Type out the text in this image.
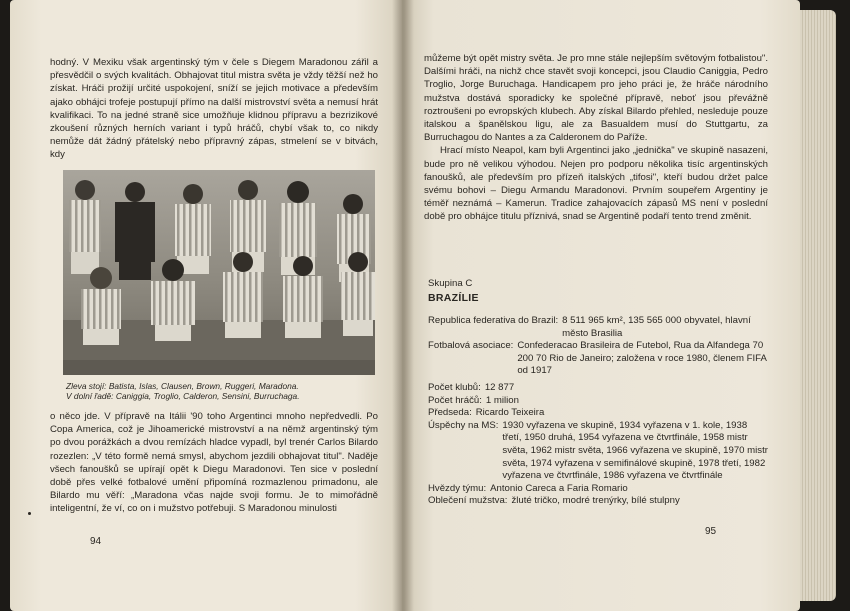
hodný. V Mexiku však argentinský tým v čele s Diegem Maradonou zářil a přesvědčil o svých kvalitách. Obhajovat titul mistra světa je vždy těžší než ho získat. Hráči prožijí určité uspokojení, sníží se jejich motivace a především ajako obhájci trofeje postupují přímo na další mistrovství světa a nemusí hrát kvalifikaci. To na jedné straně sice umožňuje klidnou přípravu a bezrizikové zkoušení různých herních variant i typů hráčů, chybí však to, co nikdy nemůže dát žádný přátelský nebo přípravný zápas, stmelení se v bitvách, kdy

Zleva stojí: Batista, Islas, Clausen, Brown, Ruggeri, Maradona.

V dolní řadě: Caniggia, Troglio, Calderon, Sensini, Burruchaga.

o něco jde. V přípravě na Itálii '90 toho Argentinci mnoho nepředvedli. Po Copa America, což je Jihoamerické mistrovství a na němž argentinský tým po dvou porážkách a dvou remízách hladce vypadl, byl trenér Carlos Bilardo rozezlen: „V této formě nemá smysl, abychom jezdili obhajovat titul". Naděje všech fanoušků se upírají opět k Diegu Maradonovi. Ten sice v poslední době přes velké fotbalové umění připomíná rozmazlenou primadonu, ale Bilardo mu věří: „Maradona včas najde svoji formu. Je to mimořádně inteligentní, že ví, co on i mužstvo potřebuji. S Maradonou minulosti

94

můžeme být opět mistry světa. Je pro mne stále nejlepším světovým fotbalistou". Dalšími hráči, na nichž chce stavět svoji koncepci, jsou Claudio Caniggia, Pedro Troglio, Jorge Buruchaga. Handicapem pro jeho práci je, že hráče národního mužstva dostává sporadicky ke společné přípravě, neboť jsou převážně roztroušeni po evropských klubech. Aby získal Bilardo přehled, nesleduje pouze italskou a španělskou ligu, ale za Basualdem musí do Stuttgartu, za Burruchagou do Nantes a za Calderonem do Paříže.

Hrací místo Neapol, kam byli Argentinci jako „jednička" ve skupině nasazeni, bude pro ně velikou výhodou. Nejen pro podporu několika tisíc argentinských fanoušků, ale především pro přízeň italských „tifosi", kteří budou držet palce svému bohovi – Diegu Armandu Maradonovi. Prvním soupeřem Argentiny je téměř neznámá – Kamerun. Tradice zahajovacích zápasů MS není v poslední době pro obhájce titulu příznivá, snad se Argentině podaří tento trend změnit.

Skupina C
BRAZÍLIE
Republica federativa do Brazil: 8 511 965 km², 135 565 000 obyvatel, hlavní město Brasilia
Fotbalová asociace: Confederacao Brasileira de Futebol, Rua da Alfandega 70 200 70 Rio de Janeiro; založena v roce 1980, členem FIFA od 1917
Počet klubů: 12 877
Počet hráčů: 1 milion
Předseda: Ricardo Teixeira
Úspěchy na MS: 1930 vyřazena ve skupině, 1934 vyřazena v 1. kole, 1938 třetí, 1950 druhá, 1954 vyřazena ve čtvrtfinále, 1958 mistr světa, 1962 mistr světa, 1966 vyřazena ve skupině, 1970 mistr světa, 1974 vyřazena v semifinálové skupině, 1978 třetí, 1982 vyřazena ve čtvrtfinále, 1986 vyřazena ve čtvrtfinále
Hvězdy týmu: Antonio Careca a Faria Romario
Oblečení mužstva: žluté tričko, modré trenýrky, bílé stulpny
95
